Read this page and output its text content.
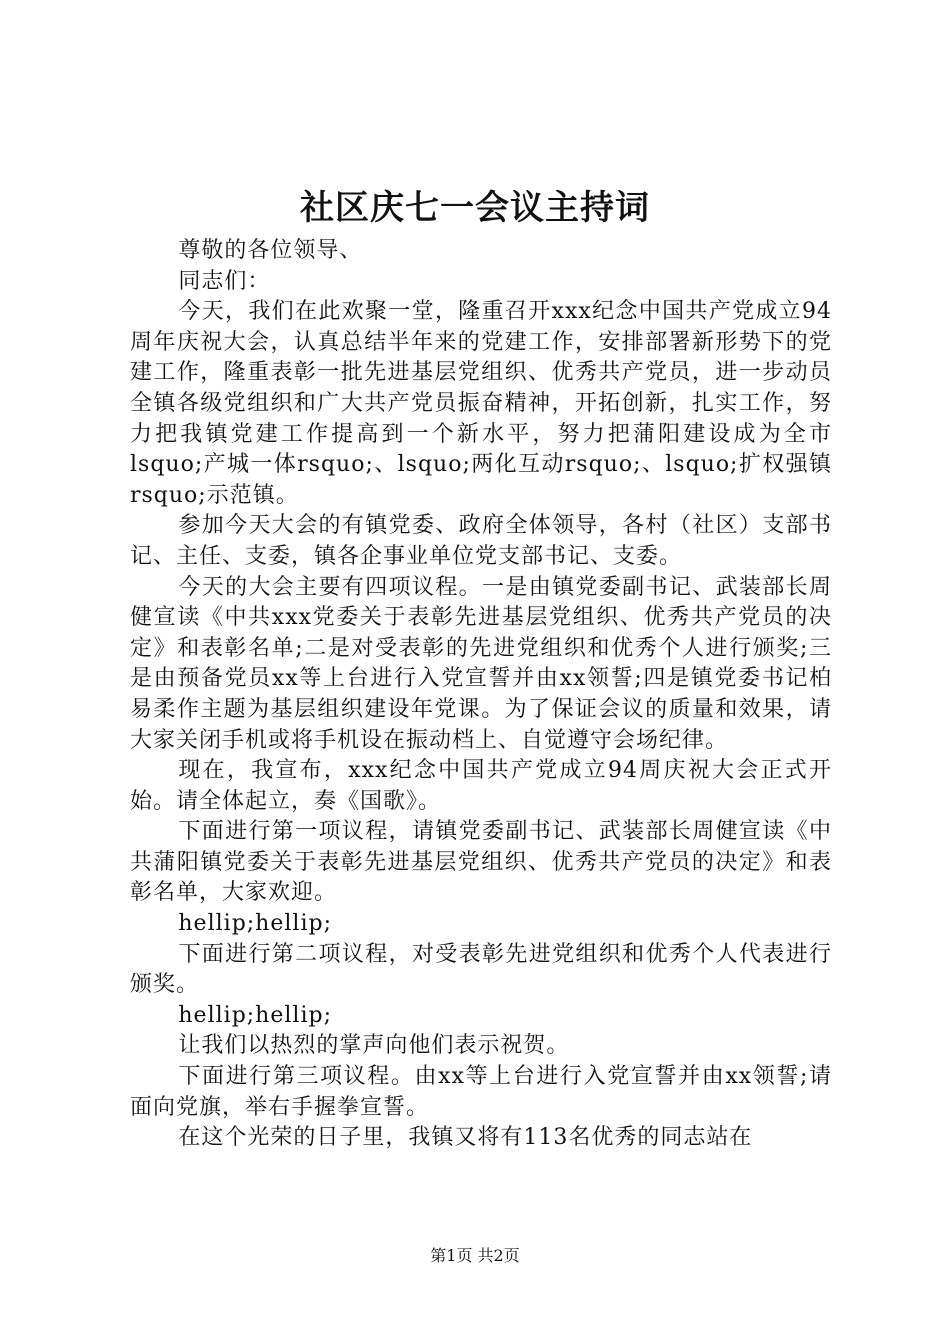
社区庆七一会议主持词

尊敬的各位领导、

同志们：

今天，我们在此欢聚一堂，隆重召开xxx纪念中国共产党成立94周年庆祝大会，认真总结半年来的党建工作，安排部署新形势下的党建工作，隆重表彰一批先进基层党组织、优秀共产党员，进一步动员全镇各级党组织和广大共产党员振奋精神，开拓创新，扎实工作，努力把我镇党建工作提高到一个新水平，努力把蒲阳建设成为全市lsquo;产城一体rsquo;、lsquo;两化互动rsquo;、lsquo;扩权强镇rsquo;示范镇。

参加今天大会的有镇党委、政府全体领导，各村（社区）支部书记、主任、支委，镇各企事业单位党支部书记、支委。

今天的大会主要有四项议程。一是由镇党委副书记、武装部长周健宣读《中共xxx党委关于表彰先进基层党组织、优秀共产党员的决定》和表彰名单;二是对受表彰的先进党组织和优秀个人进行颁奖;三是由预备党员xx等上台进行入党宣誓并由xx领誓;四是镇党委书记柏易柔作主题为基层组织建设年党课。为了保证会议的质量和效果，请大家关闭手机或将手机设在振动档上、自觉遵守会场纪律。

现在，我宣布，xxx纪念中国共产党成立94周庆祝大会正式开始。请全体起立，奏《国歌》。

下面进行第一项议程，请镇党委副书记、武装部长周健宣读《中共蒲阳镇党委关于表彰先进基层党组织、优秀共产党员的决定》和表彰名单，大家欢迎。

hellip;hellip;

下面进行第二项议程，对受表彰先进党组织和优秀个人代表进行颁奖。

hellip;hellip;

让我们以热烈的掌声向他们表示祝贺。

下面进行第三项议程。由xx等上台进行入党宣誓并由xx领誓;请面向党旗，举右手握拳宣誓。

在这个光荣的日子里，我镇又将有113名优秀的同志站在

第1页 共2页
